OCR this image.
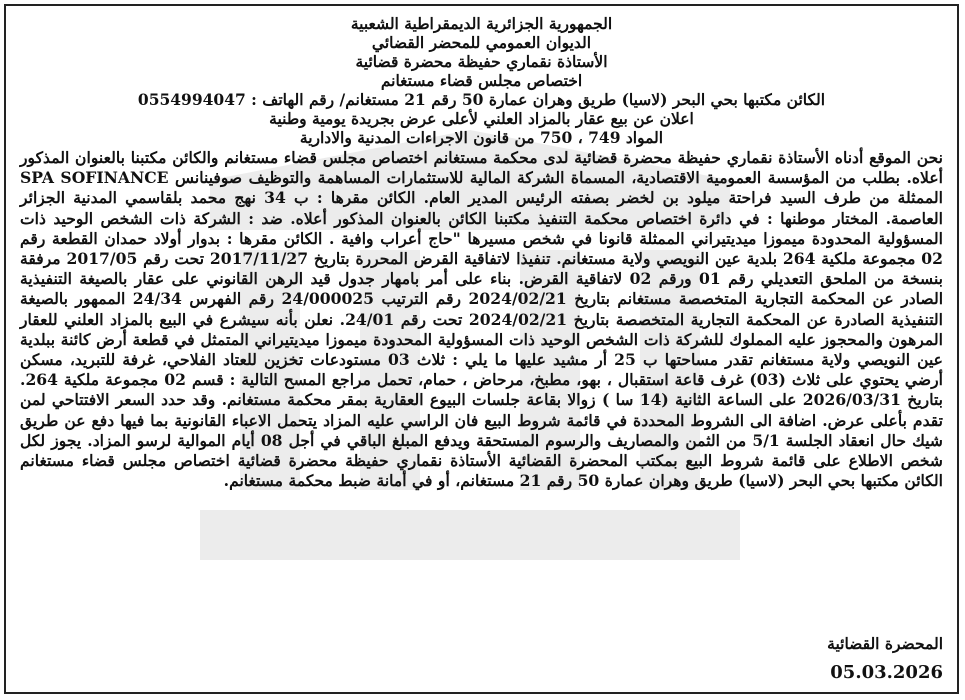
الجمهورية الجزائرية الديمقراطية الشعبية
الديوان العمومي للمحضر القضائي
الأستاذة نقماري حفيظة محضرة قضائية
اختصاص مجلس قضاء مستغانم
الكائن مكتبها بحي البحر (لاسيا) طريق وهران عمارة 50 رقم 21 مستغانم/ رقم الهاتف : 0554994047
اعلان عن بيع عقار بالمزاد العلني لأعلى عرض بجريدة يومية وطنية
المواد 749 ، 750 من قانون الاجراءات المدنية والادارية
نحن الموقع أدناه الأستاذة نقماري حفيظة محضرة قضائية لدى محكمة مستغانم اختصاص مجلس قضاء مستغانم والكائن مكتبنا بالعنوان المذكور أعلاه. بطلب من المؤسسة العمومية الاقتصادية، المسماة الشركة المالية للاستثمارات المساهمة والتوظيف صوفينانس SPA SOFINANCE الممثلة من طرف السيد فراحتة ميلود بن لخضر بصفته الرئيس المدير العام. الكائن مقرها : ب 34 نهج محمد بلقاسمي المدنية الجزائر العاصمة. المختار موطنها : في دائرة اختصاص محكمة التنفيذ مكتبنا الكائن بالعنوان المذكور أعلاه. ضد : الشركة ذات الشخص الوحيد ذات المسؤولية المحدودة ميموزا ميديتيراني الممثلة قانونا في شخص مسيرها "حاج أعراب وافية . الكائن مقرها : بدوار أولاد حمدان القطعة رقم 02 مجموعة ملكية 264 بلدية عين النويصي ولاية مستغانم. تنفيذا لاتفاقية القرض المحررة بتاريخ 2017/11/27 تحت رقم 2017/05 مرفقة بنسخة من الملحق التعديلي رقم 01 ورقم 02 لاتفاقية القرض. بناء على أمر بامهار جدول قيد الرهن القانوني على عقار بالصيغة التنفيذية الصادر عن المحكمة التجارية المتخصصة مستغانم بتاريخ 2024/02/21 رقم الترتيب 24/000025 رقم الفهرس 24/34 الممهور بالصيغة التنفيذية الصادرة عن المحكمة التجارية المتخصصة بتاريخ 2024/02/21 تحت رقم 24/01. نعلن بأنه سيشرع في البيع بالمزاد العلني للعقار المرهون والمحجوز عليه المملوك للشركة ذات الشخص الوحيد ذات المسؤولية المحدودة ميموزا ميديتيراني المتمثل في قطعة أرض كائنة ببلدية عين النويصي ولاية مستغانم تقدر مساحتها ب 25 أر مشيد عليها ما يلي : ثلاث 03 مستودعات تخزين للعتاد الفلاحي، غرفة للتبريد، مسكن أرضي يحتوي على ثلاث (03) غرف قاعة استقبال ، بهو، مطبخ، مرحاض ، حمام، تحمل مراجع المسح التالية : قسم 02 مجموعة ملكية 264. بتاريخ 2026/03/31 على الساعة الثانية (14 سا ) زوالا بقاعة جلسات البيوع العقارية بمقر محكمة مستغانم. وقد حدد السعر الافتتاحي لمن تقدم بأعلى عرض. اضافة الى الشروط المحددة في قائمة شروط البيع فان الراسي عليه المزاد يتحمل الاعباء القانونية بما فيها دفع عن طريق شيك حال انعقاد الجلسة 5/1 من الثمن والمصاريف والرسوم المستحقة ويدفع المبلغ الباقي في أجل 08 أيام الموالية لرسو المزاد. يجوز لكل شخص الاطلاع على قائمة شروط البيع بمكتب المحضرة القضائية الأستاذة نقماري حفيظة محضرة قضائية اختصاص مجلس قضاء مستغانم الكائن مكتبها بحي البحر (لاسيا) طريق وهران عمارة 50 رقم 21 مستغانم، أو في أمانة ضبط محكمة مستغانم.
المحضرة القضائية
05.03.2026
